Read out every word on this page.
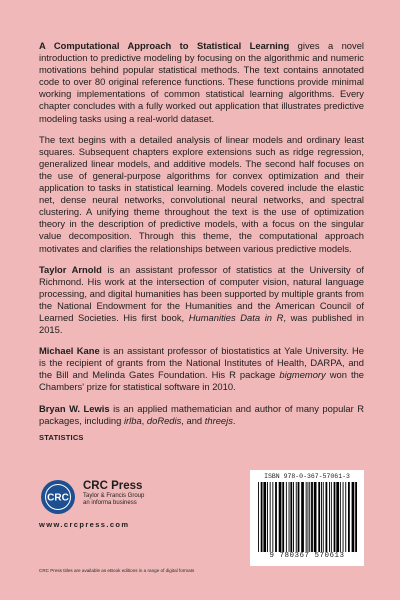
A Computational Approach to Statistical Learning gives a novel introduction to predictive modeling by focusing on the algorithmic and numeric motivations behind popular statistical methods. The text contains annotated code to over 80 original reference functions. These functions provide minimal working implementations of common statistical learning algorithms. Every chapter concludes with a fully worked out application that illustrates predictive modeling tasks using a real-world dataset.

The text begins with a detailed analysis of linear models and ordinary least squares. Subsequent chapters explore extensions such as ridge regression, generalized linear models, and additive models. The second half focuses on the use of general-purpose algorithms for convex optimization and their application to tasks in statistical learning. Models covered include the elastic net, dense neural networks, convolutional neural networks, and spectral clustering. A unifying theme throughout the text is the use of optimization theory in the description of predictive models, with a focus on the singular value decomposition. Through this theme, the computational approach motivates and clarifies the relationships between various predictive models.

Taylor Arnold is an assistant professor of statistics at the University of Richmond. His work at the intersection of computer vision, natural language processing, and digital humanities has been supported by multiple grants from the National Endowment for the Humanities and the American Council of Learned Societies. His first book, Humanities Data in R, was published in 2015.

Michael Kane is an assistant professor of biostatistics at Yale University. He is the recipient of grants from the National Institutes of Health, DARPA, and the Bill and Melinda Gates Foundation. His R package bigmemory won the Chambers' prize for statistical software in 2010.

Bryan W. Lewis is an applied mathematician and author of many popular R packages, including irlba, doRedis, and threejs.

STATISTICS
CRC
CRC Press
Taylor & Francis Group
an informa business
www.crcpress.com
CRC Press titles are available as eBook editions in a range of digital formats
ISBN 978-0-367-57061-3
9 780367 570613
